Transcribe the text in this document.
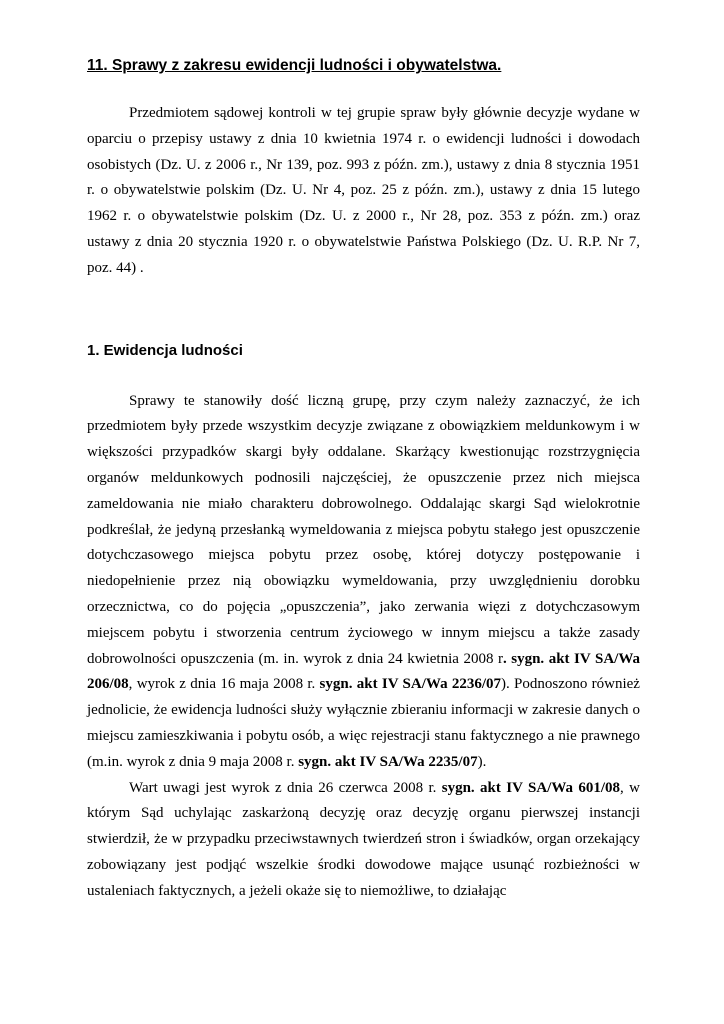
11. Sprawy z zakresu ewidencji ludności i obywatelstwa.

Przedmiotem sądowej kontroli w tej grupie spraw były głównie decyzje wydane w oparciu o przepisy ustawy z dnia 10 kwietnia 1974 r. o ewidencji ludności i dowodach osobistych (Dz. U. z 2006 r., Nr 139, poz. 993 z późn. zm.), ustawy z dnia 8 stycznia 1951 r. o obywatelstwie polskim (Dz. U. Nr 4, poz. 25 z późn. zm.), ustawy z dnia 15 lutego 1962 r. o obywatelstwie polskim (Dz. U. z 2000 r., Nr 28, poz. 353 z późn. zm.) oraz ustawy z dnia 20 stycznia 1920 r. o obywatelstwie Państwa Polskiego (Dz. U. R.P. Nr 7, poz. 44) .

1. Ewidencja ludności

Sprawy te stanowiły dość liczną grupę, przy czym należy zaznaczyć, że ich przedmiotem były przede wszystkim decyzje związane z obowiązkiem meldunkowym i w większości przypadków skargi były oddalane. Skarżący kwestionując rozstrzygnięcia organów meldunkowych podnosili najczęściej, że opuszczenie przez nich miejsca zameldowania nie miało charakteru dobrowolnego. Oddalając skargi Sąd wielokrotnie podkreślał, że jedyną przesłanką wymeldowania z miejsca pobytu stałego jest opuszczenie dotychczasowego miejsca pobytu przez osobę, której dotyczy postępowanie i niedopełnienie przez nią obowiązku wymeldowania, przy uwzględnieniu dorobku orzecznictwa, co do pojęcia „opuszczenia”, jako zerwania więzi z dotychczasowym miejscem pobytu i stworzenia centrum życiowego w innym miejscu a także zasady dobrowolności opuszczenia (m. in. wyrok z dnia 24 kwietnia 2008 r. sygn. akt IV SA/Wa 206/08, wyrok z dnia 16 maja 2008 r. sygn. akt IV SA/Wa 2236/07). Podnoszono również jednolicie, że ewidencja ludności służy wyłącznie zbieraniu informacji w zakresie danych o miejscu zamieszkiwania i pobytu osób, a więc rejestracji stanu faktycznego a nie prawnego (m.in. wyrok z dnia 9 maja 2008 r. sygn. akt IV SA/Wa 2235/07).

Wart uwagi jest wyrok z dnia 26 czerwca 2008 r. sygn. akt IV SA/Wa 601/08, w którym Sąd uchylając zaskarżoną decyzję oraz decyzję organu pierwszej instancji stwierdził, że w przypadku przeciwstawnych twierdzeń stron i świadków, organ orzekający zobowiązany jest podjąć wszelkie środki dowodowe mające usunąć rozbieżności w ustaleniach faktycznych, a jeżeli okaże się to niemożliwe, to działając
